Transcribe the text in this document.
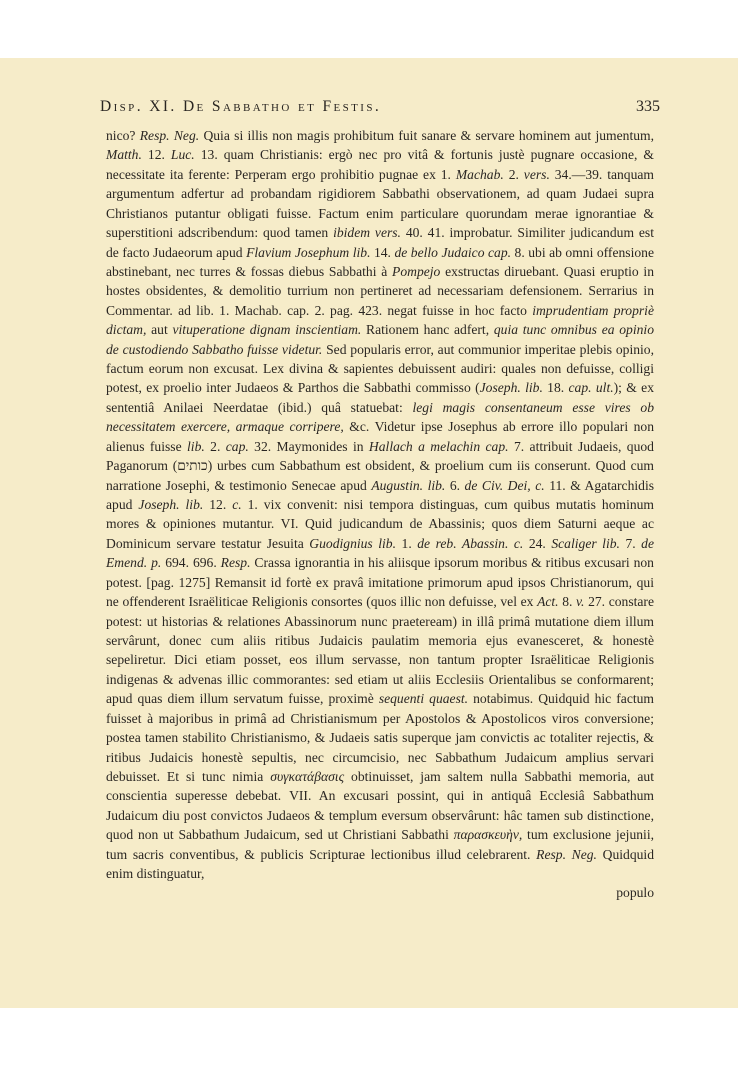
Disp. XI. De Sabbatho et Festis.	335

nico? Resp. Neg. Quia si illis non magis prohibitum fuit sanare & servare hominem aut jumentum, Matth. 12. Luc. 13. quam Christianis: ergò nec pro vitâ & fortunis justè pugnare occasione, & necessitate ita ferente: Perperam ergo prohibitio pugnae ex 1. Machab. 2. vers. 34.—39. tanquam argumentum adfertur ad probandam rigidiorem Sabbathi observationem, ad quam Judaei supra Christianos putantur obligati fuisse. Factum enim particulare quorundam merae ignorantiae & superstitioni adscribendum: quod tamen ibidem vers. 40. 41. improbatur. Similiter judicandum est de facto Judaeorum apud Flavium Josephum lib. 14. de bello Judaico cap. 8. ubi ab omni offensione abstinebant, nec turres & fossas diebus Sabbathi à Pompejo exstructas diruebant. Quasi eruptio in hostes obsidentes, & demolitio turrium non pertineret ad necessariam defensionem. Serrarius in Commentar. ad lib. 1. Machab. cap. 2. pag. 423. negat fuisse in hoc facto imprudentiam propriè dictam, aut vituperatione dignam inscientiam. Rationem hanc adfert, quia tunc omnibus ea opinio de custodiendo Sabbatho fuisse videtur. Sed popularis error, aut communior imperitae plebis opinio, factum eorum non excusat. Lex divina & sapientes debuissent audiri: quales non defuisse, colligi potest, ex proelio inter Judaeos & Parthos die Sabbathi commisso (Joseph. lib. 18. cap. ult.); & ex sententiâ Anilaei Neerdatae (ibid.) quâ statuebat: legi magis consentaneum esse vires ob necessitatem exercere, armaque corripere, &c. Videtur ipse Josephus ab errore illo populari non alienus fuisse lib. 2. cap. 32. Maymonides in Hallach a melachin cap. 7. attribuit Judaeis, quod Paganorum (כותים) urbes cum Sabbathum est obsident, & proelium cum iis conserunt. Quod cum narratione Josephi, & testimonio Senecae apud Augustin. lib. 6. de Civ. Dei, c. 11. & Agatarchidis apud Joseph. lib. 12. c. 1. vix convenit: nisi tempora distinguas, cum quibus mutatis hominum mores & opiniones mutantur. VI. Quid judicandum de Abassinis; quos diem Saturni aeque ac Dominicum servare testatur Jesuita Guodignius lib. 1. de reb. Abassin. c. 24. Scaliger lib. 7. de Emend. p. 694. 696. Resp. Crassa ignorantia in his aliisque ipsorum moribus & ritibus excusari non potest. [pag. 1275] Remansit id fortè ex pravâ imitatione primorum apud ipsos Christianorum, qui ne offenderent Israëliticae Religionis consortes (quos illic non defuisse, vel ex Act. 8. v. 27. constare potest: ut historias & relationes Abassinorum nunc praeteream) in illâ primâ mutatione diem illum servârunt, donec cum aliis ritibus Judaicis paulatim memoria ejus evanesceret, & honestè sepeliretur. Dici etiam posset, eos illum servasse, non tantum propter Israëliticae Religionis indigenas & advenas illic commorantes: sed etiam ut aliis Ecclesiis Orientalibus se conformarent; apud quas diem illum servatum fuisse, proximè sequenti quaest. notabimus. Quidquid hic factum fuisset à majoribus in primâ ad Christianismum per Apostolos & Apostolicos viros conversione; postea tamen stabilito Christianismo, & Judaeis satis superque jam convictis ac totaliter rejectis, & ritibus Judaicis honestè sepultis, nec circumcisio, nec Sabbathum Judaicum amplius servari debuisset. Et si tunc nimia συγκατάβασις obtinuisset, jam saltem nulla Sabbathi memoria, aut conscientia superesse debebat. VII. An excusari possint, qui in antiquâ Ecclesiâ Sabbathum Judaicum diu post convictos Judaeos & templum eversum observârunt: hâc tamen sub distinctione, quod non ut Sabbathum Judaicum, sed ut Christiani Sabbathi παρασκευὴν, tum exclusione jejunii, tum sacris conventibus, & publicis Scripturae lectionibus illud celebrarent. Resp. Neg. Quidquid enim distinguatur,

populo
